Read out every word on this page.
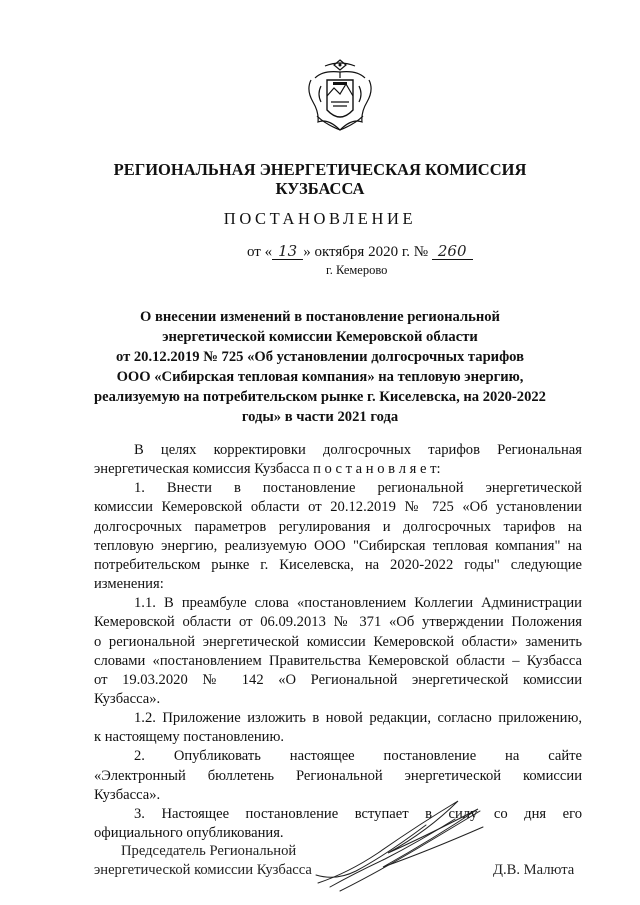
РЕГИОНАЛЬНАЯ ЭНЕРГЕТИЧЕСКАЯ КОМИССИЯ
КУЗБАССА
ПОСТАНОВЛЕНИЕ
от « 13 » октября 2020 г. № 260
г. Кемерово
О внесении изменений в постановление региональной
энергетической комиссии Кемеровской области
от 20.12.2019 № 725 «Об установлении долгосрочных тарифов
ООО «Сибирская тепловая компания» на тепловую энергию,
реализуемую на потребительском рынке г. Киселевска, на 2020-2022
годы» в части 2021 года
В целях корректировки долгосрочных тарифов Региональная
энергетическая комиссия Кузбасса п о с т а н о в л я е т:
1. Внести в постановление региональной энергетической
комиссии Кемеровской области от 20.12.2019 № 725 «Об установлении
долгосрочных параметров регулирования и долгосрочных тарифов на
тепловую энергию, реализуемую ООО "Сибирская тепловая компания" на
потребительском рынке г. Киселевска, на 2020-2022 годы" следующие
изменения:
1.1. В преамбуле слова «постановлением Коллегии Администрации
Кемеровской области от 06.09.2013 № 371 «Об утверждении Положения
о региональной энергетической комиссии Кемеровской области» заменить
словами «постановлением Правительства Кемеровской области – Кузбасса
от 19.03.2020 № 142 «О Региональной энергетической комиссии
Кузбасса».
1.2. Приложение изложить в новой редакции, согласно приложению,
к настоящему постановлению.
2. Опубликовать настоящее постановление на сайте
«Электронный бюллетень Региональной энергетической комиссии
Кузбасса».
3. Настоящее постановление вступает в силу со дня его
официального опубликования.
Председатель Региональной
энергетической комиссии Кузбасса	Д.В. Малюта
